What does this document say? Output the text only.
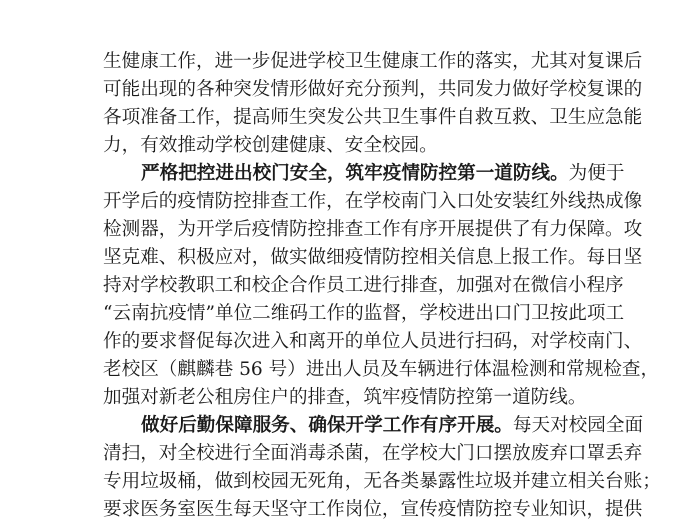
生健康工作，进一步促进学校卫生健康工作的落实，尤其对复课后
可能出现的各种突发情形做好充分预判，共同发力做好学校复课的
各项准备工作，提高师生突发公共卫生事件自救互救、卫生应急能
力，有效推动学校创建健康、安全校园。
严格把控进出校门安全，筑牢疫情防控第一道防线。为便于
开学后的疫情防控排查工作，在学校南门入口处安装红外线热成像
检测器，为开学后疫情防控排查工作有序开展提供了有力保障。攻
坚克难、积极应对，做实做细疫情防控相关信息上报工作。每日坚
持对学校教职工和校企合作员工进行排查，加强对在微信小程序
“云南抗疫情”单位二维码工作的监督，学校进出口门卫按此项工
作的要求督促每次进入和离开的单位人员进行扫码，对学校南门、
老校区（麒麟巷 56 号）进出人员及车辆进行体温检测和常规检查，
加强对新老公租房住户的排查，筑牢疫情防控第一道防线。
做好后勤保障服务、确保开学工作有序开展。每天对校园全面
清扫，对全校进行全面消毒杀菌，在学校大门口摆放废弃口罩丢弃
专用垃圾桶，做到校园无死角，无各类暴露性垃圾并建立相关台账；
要求医务室医生每天坚守工作岗位，宣传疫情防控专业知识，提供
